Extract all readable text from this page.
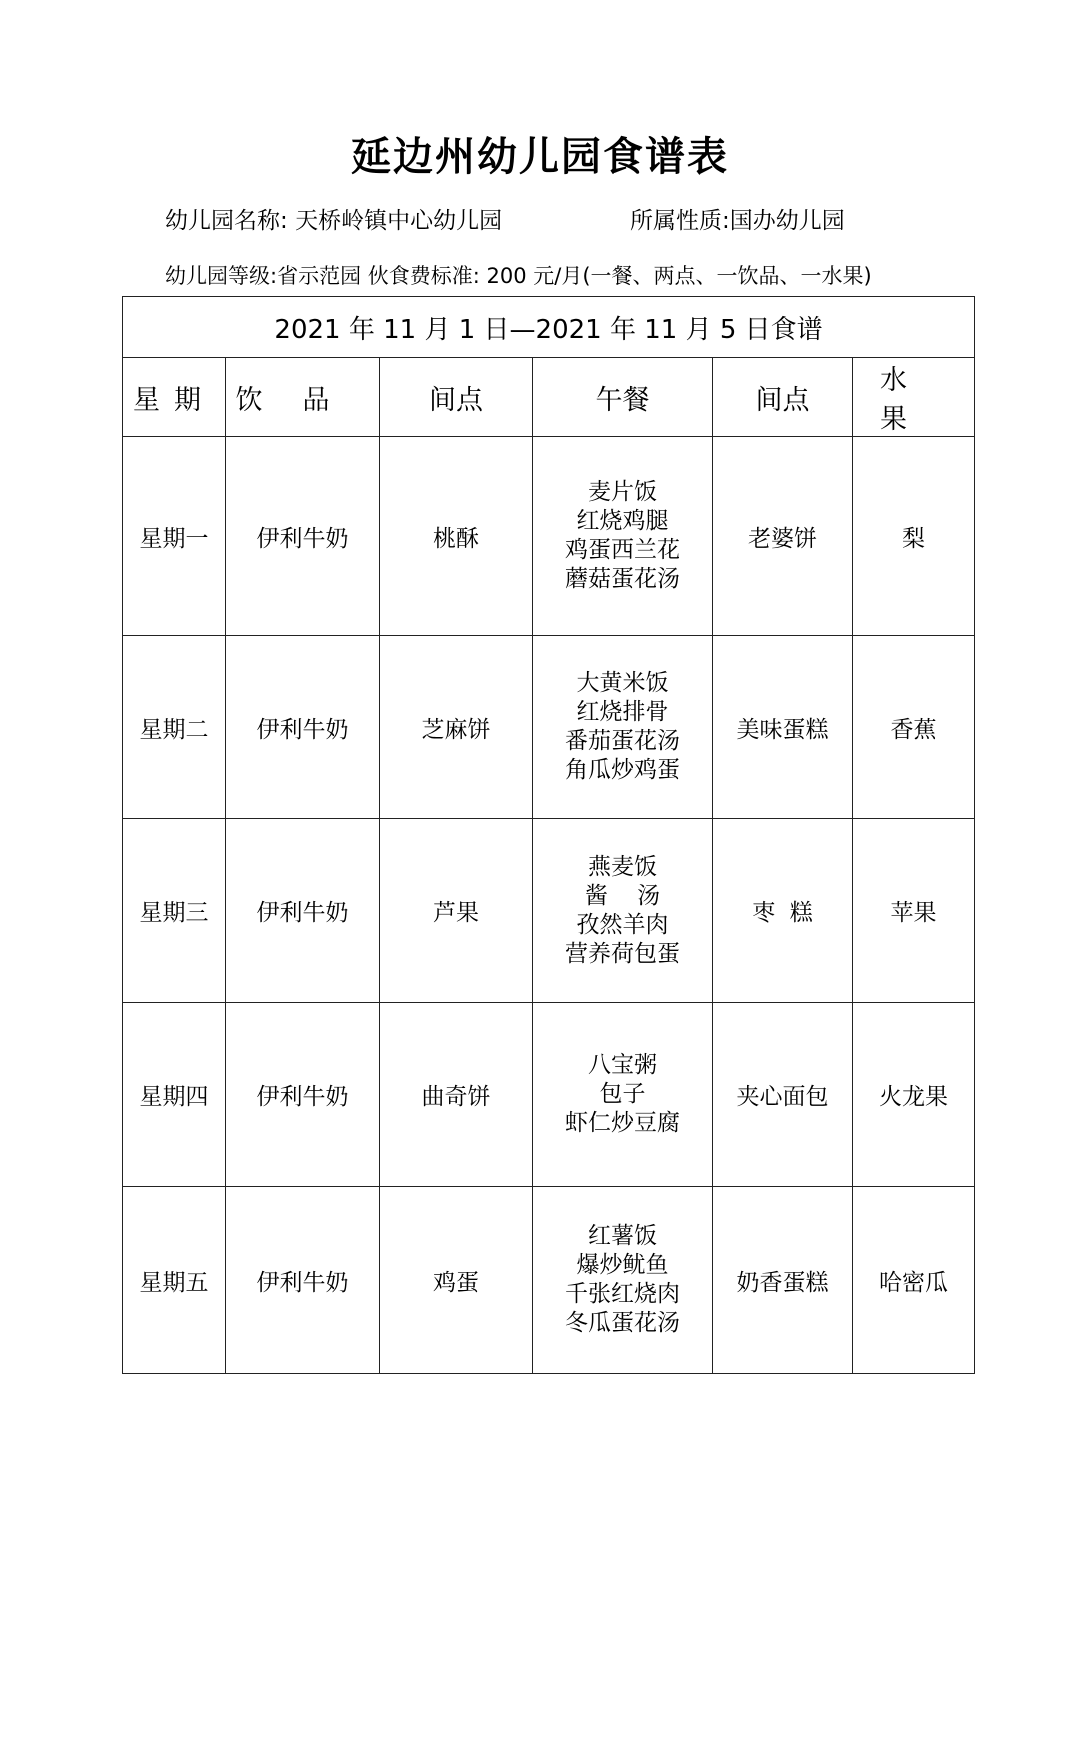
延边州幼儿园食谱表
幼儿园名称: 天桥岭镇中心幼儿园	所属性质:国办幼儿园
幼儿园等级:省示范园 伙食费标准: 200 元/月(一餐、两点、一饮品、一水果)
2021 年 11 月 1 日—2021 年 11 月 5 日食谱					
星期	饮品	间点	午餐	间点	水果
星期一	伊利牛奶	桃酥	麦片饭
红烧鸡腿
鸡蛋西兰花
蘑菇蛋花汤	老婆饼	梨
星期二	伊利牛奶	芝麻饼	大黄米饭
红烧排骨
番茄蛋花汤
角瓜炒鸡蛋	美味蛋糕	香蕉
星期三	伊利牛奶	芦果	燕麦饭
酱    汤
孜然羊肉
营养荷包蛋	枣  糕	苹果
星期四	伊利牛奶	曲奇饼	八宝粥
包子
虾仁炒豆腐	夹心面包	火龙果
星期五	伊利牛奶	鸡蛋	红薯饭
爆炒鱿鱼
千张红烧肉
冬瓜蛋花汤	奶香蛋糕	哈密瓜
